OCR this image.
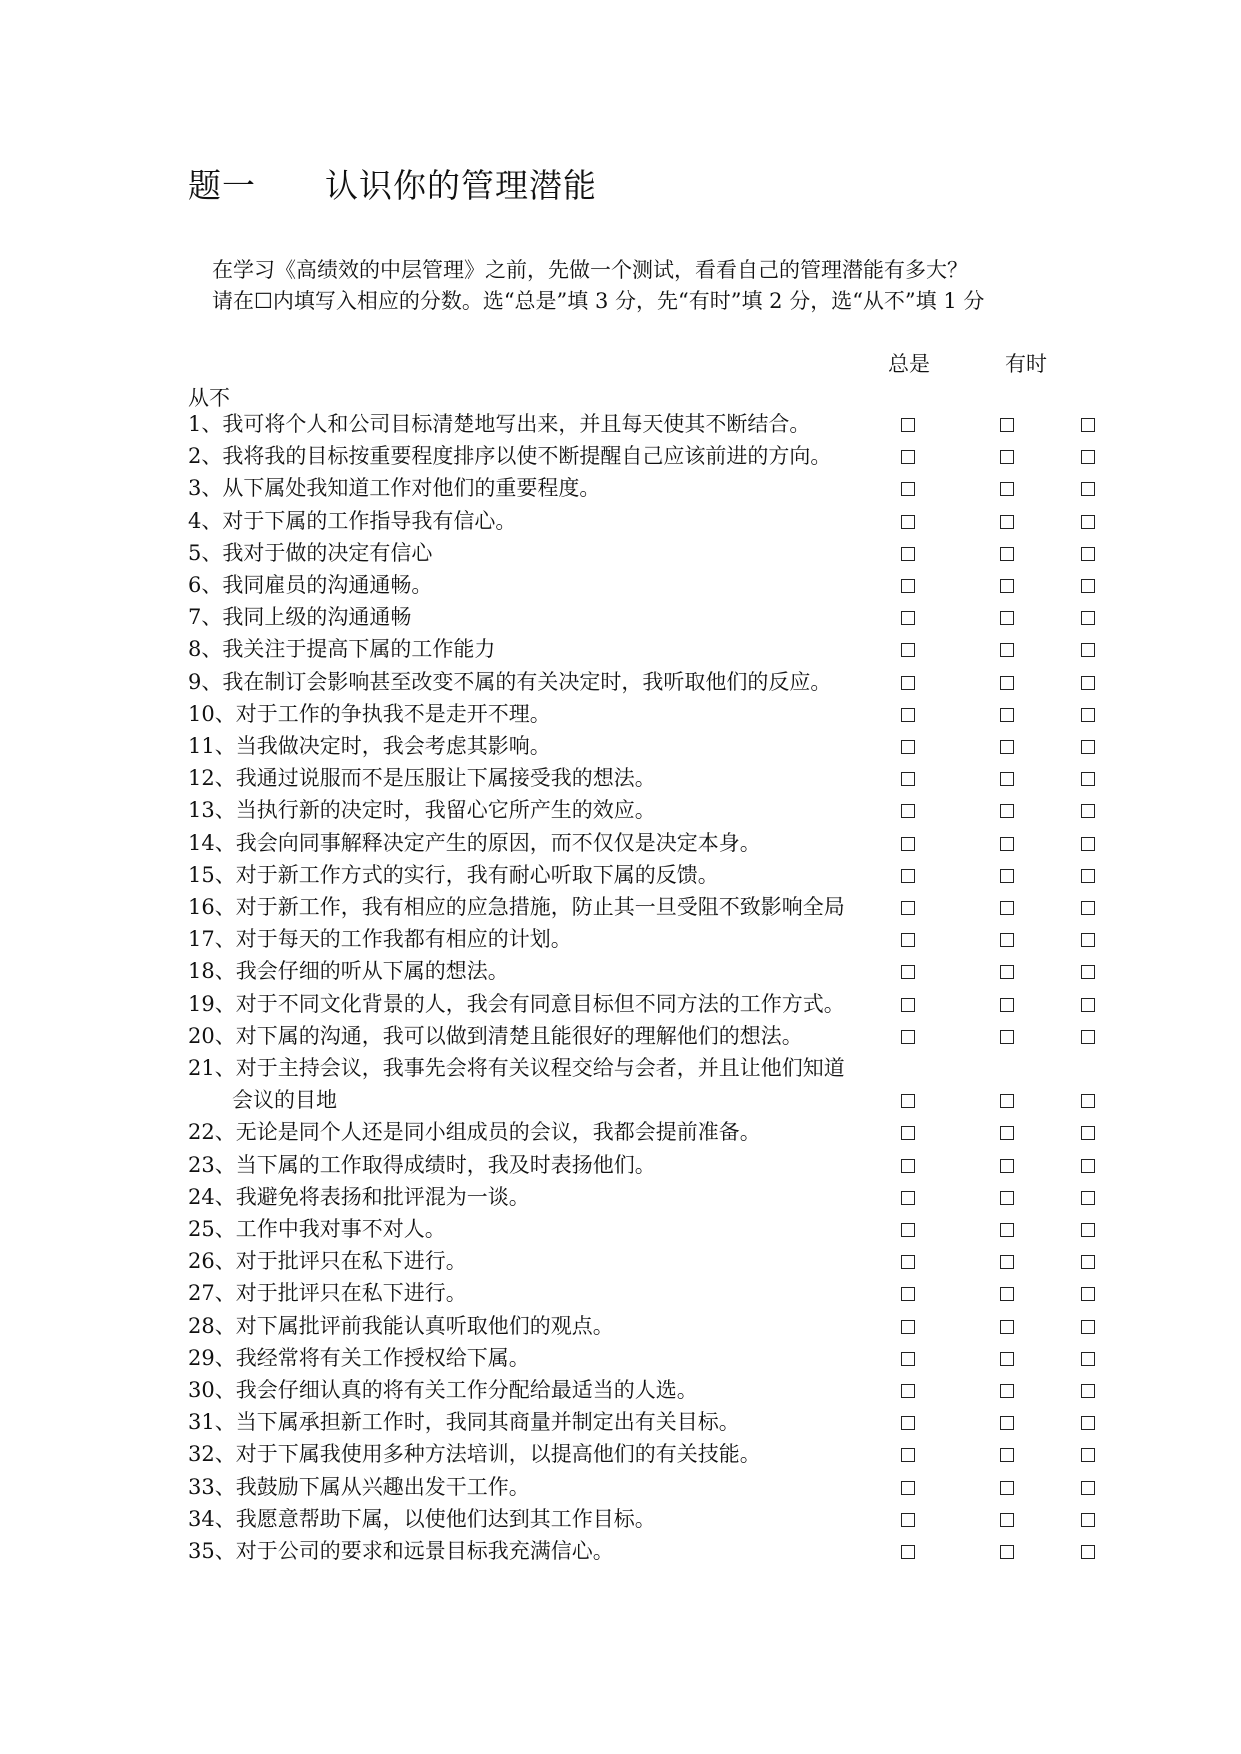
题一      认识你的管理潜能
在学习《高绩效的中层管理》之前，先做一个测试，看看自己的管理潜能有多大？
请在☐内填写入相应的分数。选“总是”填 3 分，先“有时”填 2 分，选“从不”填 1 分
总是	有时
从不
1、我可将个人和公司目标清楚地写出来，并且每天使其不断结合。
2、我将我的目标按重要程度排序以使不断提醒自己应该前进的方向。
3、从下属处我知道工作对他们的重要程度。
4、对于下属的工作指导我有信心。
5、我对于做的决定有信心
6、我同雇员的沟通通畅。
7、我同上级的沟通通畅
8、我关注于提高下属的工作能力
9、我在制订会影响甚至改变不属的有关决定时，我听取他们的反应。
10、对于工作的争执我不是走开不理。
11、当我做决定时，我会考虑其影响。
12、我通过说服而不是压服让下属接受我的想法。
13、当执行新的决定时，我留心它所产生的效应。
14、我会向同事解释决定产生的原因，而不仅仅是决定本身。
15、对于新工作方式的实行，我有耐心听取下属的反馈。
16、对于新工作，我有相应的应急措施，防止其一旦受阻不致影响全局
17、对于每天的工作我都有相应的计划。
18、我会仔细的听从下属的想法。
19、对于不同文化背景的人，我会有同意目标但不同方法的工作方式。
20、对下属的沟通，我可以做到清楚且能很好的理解他们的想法。
21、对于主持会议，我事先会将有关议程交给与会者，并且让他们知道
会议的目地
22、无论是同个人还是同小组成员的会议，我都会提前准备。
23、当下属的工作取得成绩时，我及时表扬他们。
24、我避免将表扬和批评混为一谈。
25、工作中我对事不对人。
26、对于批评只在私下进行。
27、对于批评只在私下进行。
28、对下属批评前我能认真听取他们的观点。
29、我经常将有关工作授权给下属。
30、我会仔细认真的将有关工作分配给最适当的人选。
31、当下属承担新工作时，我同其商量并制定出有关目标。
32、对于下属我使用多种方法培训，以提高他们的有关技能。
33、我鼓励下属从兴趣出发干工作。
34、我愿意帮助下属，以使他们达到其工作目标。
35、对于公司的要求和远景目标我充满信心。
